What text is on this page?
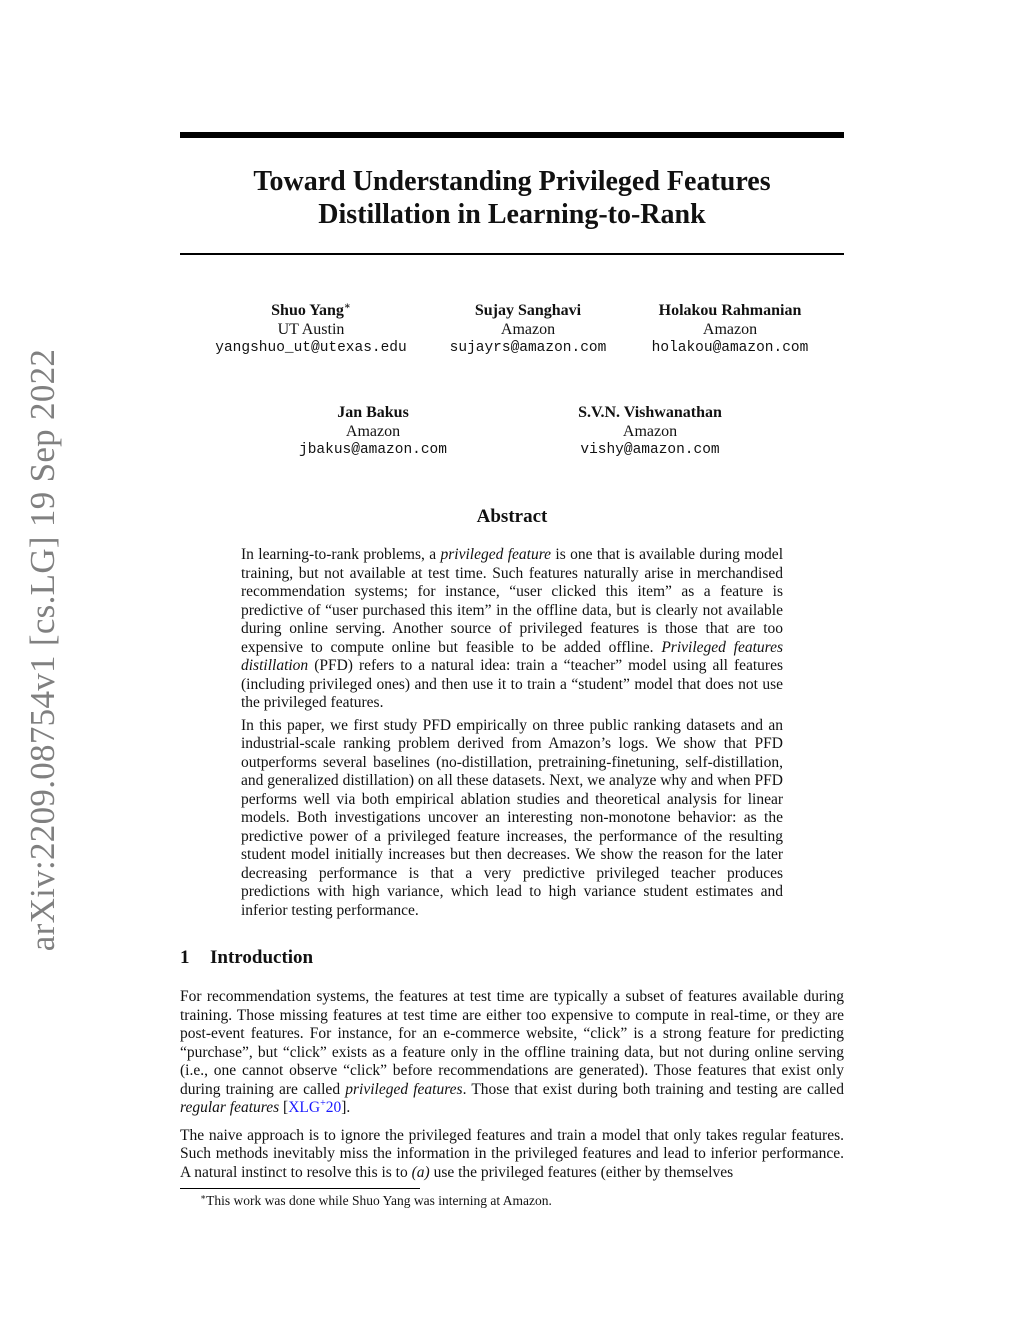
arXiv:2209.08754v1 [cs.LG] 19 Sep 2022
Toward Understanding Privileged Features
Distillation in Learning-to-Rank
Shuo Yang∗
UT Austin
yangshuo_ut@utexas.edu
Sujay Sanghavi
Amazon
sujayrs@amazon.com
Holakou Rahmanian
Amazon
holakou@amazon.com
Jan Bakus
Amazon
jbakus@amazon.com
S.V.N. Vishwanathan
Amazon
vishy@amazon.com
Abstract

In learning-to-rank problems, a privileged feature is one that is available during model training, but not available at test time. Such features naturally arise in merchandised recommendation systems; for instance, “user clicked this item” as a feature is predictive of “user purchased this item” in the offline data, but is clearly not available during online serving. Another source of privileged features is those that are too expensive to compute online but feasible to be added offline. Privileged features distillation (PFD) refers to a natural idea: train a “teacher” model using all features (including privileged ones) and then use it to train a “student” model that does not use the privileged features.

In this paper, we first study PFD empirically on three public ranking datasets and an industrial-scale ranking problem derived from Amazon’s logs. We show that PFD outperforms several baselines (no-distillation, pretraining-finetuning, self-distillation, and generalized distillation) on all these datasets. Next, we analyze why and when PFD performs well via both empirical ablation studies and theoretical analysis for linear models. Both investigations uncover an interesting non-monotone behavior: as the predictive power of a privileged feature increases, the performance of the resulting student model initially increases but then decreases. We show the reason for the later decreasing performance is that a very predictive privileged teacher produces predictions with high variance, which lead to high variance student estimates and inferior testing performance.

1 Introduction

For recommendation systems, the features at test time are typically a subset of features available during training. Those missing features at test time are either too expensive to compute in real-time, or they are post-event features. For instance, for an e-commerce website, “click” is a strong feature for predicting “purchase”, but “click” exists as a feature only in the offline training data, but not during online serving (i.e., one cannot observe “click” before recommendations are generated). Those features that exist only during training are called privileged features. Those that exist during both training and testing are called regular features [XLG+20].

The naive approach is to ignore the privileged features and train a model that only takes regular features. Such methods inevitably miss the information in the privileged features and lead to inferior performance. A natural instinct to resolve this is to (a) use the privileged features (either by themselves

∗This work was done while Shuo Yang was interning at Amazon.
